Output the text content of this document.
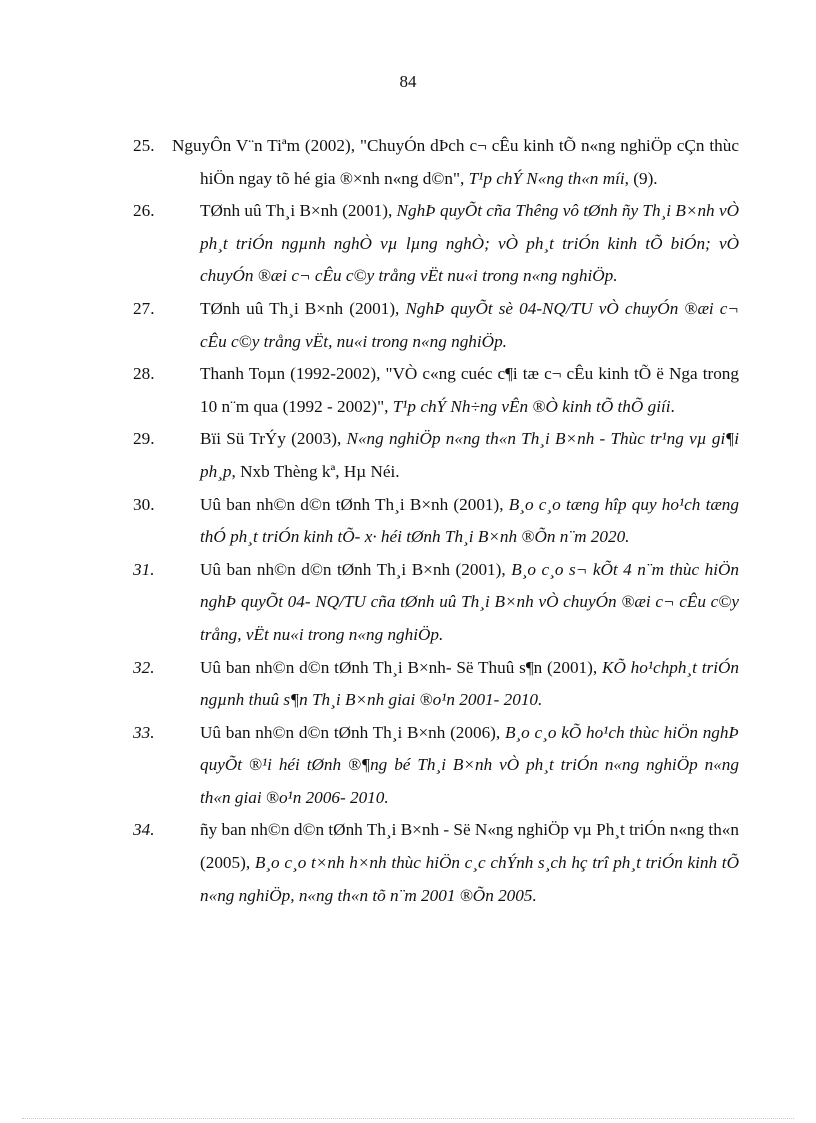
84
25. NguyÔn V¨n Tiªm (2002), "ChuyÓn dÞch c¬ cÊu kinh tÕ n«ng nghiÖp cÇn thùc hiÖn ngay tõ hé gia ®×nh n«ng d©n", T¹p chÝ N«ng th«n míi, (9).
26.	TØnh uû Th¸i B×nh (2001), NghÞ quyÕt cña Thêng vô tØnh ñy Th¸i B×nh vÒ ph¸t triÓn ngµnh nghÒ vµ lµng nghÒ; vÒ ph¸t triÓn kinh tÕ biÓn; vÒ chuyÓn ®æi c¬ cÊu c©y trång vËt nu«i trong n«ng nghiÖp.
27.	TØnh uû Th¸i B×nh (2001), NghÞ quyÕt sè 04-NQ/TU vÒ chuyÓn ®æi c¬ cÊu c©y trång vËt, nu«i trong n«ng nghiÖp.
28.	Thanh Toµn (1992-2002), "VÒ c«ng cuéc c¶i tæ c¬ cÊu kinh tÕ ë Nga trong 10 n¨m qua (1992 - 2002)", T¹p chÝ Nh÷ng vÊn ®Ò kinh tÕ thÕ giíi.
29.	Bïi Sü TrÝy (2003), N«ng nghiÖp n«ng th«n Th¸i B×nh - Thùc tr¹ng vµ gi¶i ph¸p, Nxb Thèng kª, Hµ Néi.
30.	Uû ban nh©n d©n tØnh Th¸i B×nh (2001), B¸o c¸o tæng hîp quy ho¹ch tæng thÓ ph¸t triÓn kinh tÕ- x· héi tØnh Th¸i B×nh ®Õn n¨m 2020.
31.	Uû ban nh©n d©n tØnh Th¸i B×nh (2001), B¸o c¸o s¬ kÕt 4 n¨m thùc hiÖn nghÞ quyÕt 04- NQ/TU cña tØnh uû Th¸i B×nh vÒ chuyÓn ®æi c¬ cÊu c©y trång, vËt nu«i trong n«ng nghiÖp.
32.	Uû ban nh©n d©n tØnh Th¸i B×nh- Së Thuû s¶n (2001), KÕ ho¹chph¸t triÓn ngµnh thuû s¶n Th¸i B×nh giai ®o¹n 2001- 2010.
33.	Uû ban nh©n d©n tØnh Th¸i B×nh (2006), B¸o c¸o kÕ ho¹ch thùc hiÖn nghÞ quyÕt ®¹i héi tØnh ®¶ng bé Th¸i B×nh vÒ ph¸t triÓn n«ng nghiÖp n«ng th«n giai ®o¹n 2006- 2010.
34.	ñy ban nh©n d©n tØnh Th¸i B×nh - Së N«ng nghiÖp vµ Ph¸t triÓn n«ng th«n (2005), B¸o c¸o t×nh h×nh thùc hiÖn c¸c chÝnh s¸ch hç trî ph¸t triÓn kinh tÕ n«ng nghiÖp, n«ng th«n tõ n¨m 2001 ®Õn 2005.
